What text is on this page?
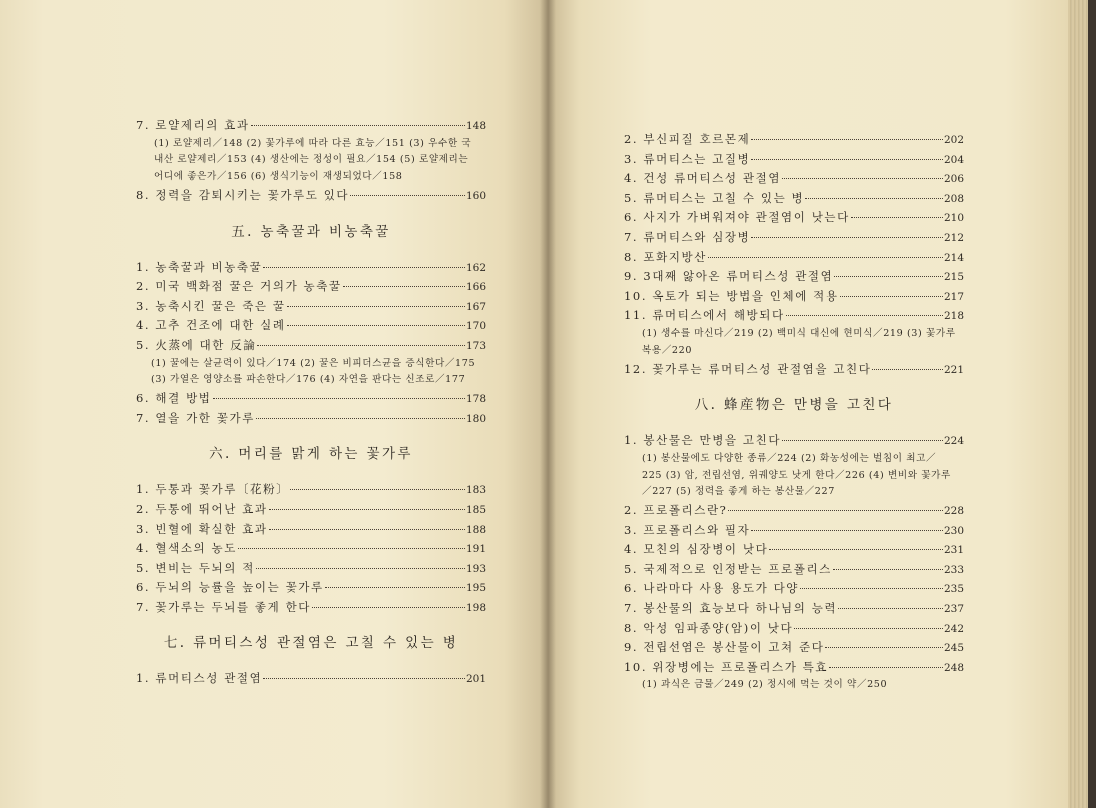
7. 로얄제리의 효과	148
(1) 로얄제리／148 (2) 꽃가루에 따라 다른 효능／151 (3) 우수한 국내산 로얄제리／153 (4) 생산에는 정성이 필요／154 (5) 로얄제리는 어디에 좋은가／156 (6) 생식기능이 재생되었다／158
8. 정력을 감퇴시키는 꽃가루도 있다	160
五. 농축꿀과 비농축꿀
1. 농축꿀과 비농축꿀	162
2. 미국 백화점 꿀은 거의가 농축꿀	166
3. 농축시킨 꿀은 죽은 꿀	167
4. 고추 건조에 대한 실례	170
5. 火蒸에 대한 反論	173
(1) 꿀에는 살균력이 있다／174 (2) 꿀은 비피더스균을 증식한다／175 (3) 가열은 영양소를 파손한다／176 (4) 자연을 판다는 신조로／177
6. 해결 방법	178
7. 열을 가한 꽃가루	180
六. 머리를 맑게 하는 꽃가루
1. 두통과 꽃가루〔花粉〕	183
2. 두통에 뛰어난 효과	185
3. 빈혈에 확실한 효과	188
4. 혈색소의 농도	191
5. 변비는 두뇌의 적	193
6. 두뇌의 능률을 높이는 꽃가루	195
7. 꽃가루는 두뇌를 좋게 한다	198
七. 류머티스성 관절염은 고칠 수 있는 병
1. 류머티스성 관절염	201
2. 부신피질 호르몬제	202
3. 류머티스는 고질병	204
4. 건성 류머티스성 관절염	206
5. 류머티스는 고칠 수 있는 병	208
6. 사지가 가벼워져야 관절염이 낫는다	210
7. 류머티스와 심장병	212
8. 포화지방산	214
9. 3대째 앓아온 류머티스성 관절염	215
10. 옥토가 되는 방법을 인체에 적용	217
11. 류머티스에서 해방되다	218
(1) 생수를 마신다／219 (2) 백미식 대신에 현미식／219 (3) 꽃가루 복용／220
12. 꽃가루는 류머티스성 관절염을 고친다	221
八. 蜂産物은 만병을 고친다
1. 봉산물은 만병을 고친다	224
(1) 봉산물에도 다양한 종류／224 (2) 화농성에는 벌침이 최고／225 (3) 암, 전립선염, 위궤양도 낫게 한다／226 (4) 변비와 꽃가루／227 (5) 정력을 좋게 하는 봉산물／227
2. 프로폴리스란?	228
3. 프로폴리스와 필자	230
4. 모친의 심장병이 낫다	231
5. 국제적으로 인정받는 프로폴리스	233
6. 나라마다 사용 용도가 다양	235
7. 봉산물의 효능보다 하나님의 능력	237
8. 악성 임파종양(암)이 낫다	242
9. 전립선염은 봉산물이 고쳐 준다	245
10. 위장병에는 프로폴리스가 특효	248
(1) 과식은 금물／249 (2) 정시에 먹는 것이 약／250
